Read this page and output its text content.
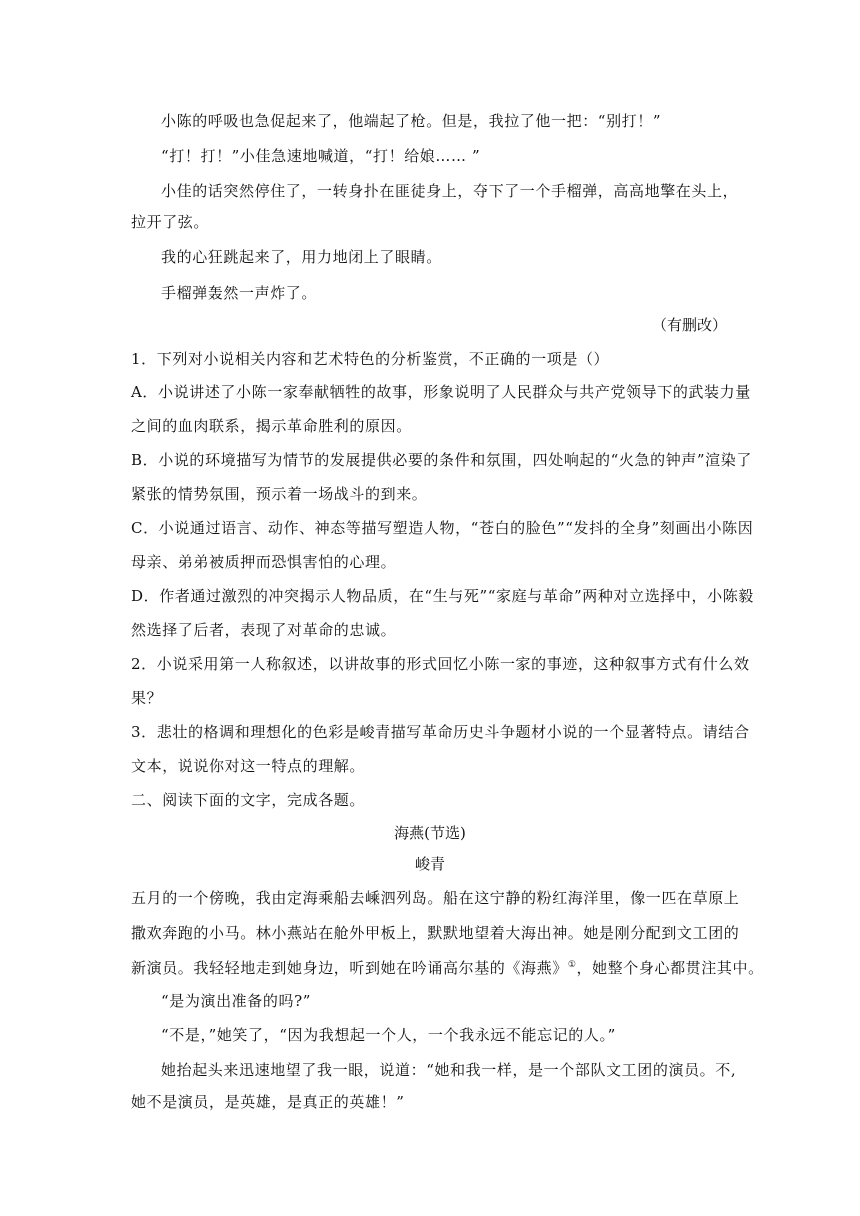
小陈的呼吸也急促起来了，他端起了枪。但是，我拉了他一把：“别打！”
“打！打！”小佳急速地喊道，“打！给娘…… ”
小佳的话突然停住了，一转身扑在匪徒身上，夺下了一个手榴弹，高高地擎在头上，
拉开了弦。
我的心狂跳起来了，用力地闭上了眼睛。
手榴弹轰然一声炸了。
（有删改）
1．下列对小说相关内容和艺术特色的分析鉴赏，不正确的一项是（）
A．小说讲述了小陈一家奉献牺牲的故事，形象说明了人民群众与共产党领导下的武装力量
之间的血肉联系，揭示革命胜利的原因。
B．小说的环境描写为情节的发展提供必要的条件和氛围，四处响起的“火急的钟声”渲染了
紧张的情势氛围，预示着一场战斗的到来。
C．小说通过语言、动作、神态等描写塑造人物，“苍白的脸色”“发抖的全身”刻画出小陈因
母亲、弟弟被质押而恐惧害怕的心理。
D．作者通过激烈的冲突揭示人物品质，在“生与死”“家庭与革命”两种对立选择中，小陈毅
然选择了后者，表现了对革命的忠诚。
2．小说采用第一人称叙述，以讲故事的形式回忆小陈一家的事迹，这种叙事方式有什么效
果？
3．悲壮的格调和理想化的色彩是峻青描写革命历史斗争题材小说的一个显著特点。请结合
文本，说说你对这一特点的理解。
二、阅读下面的文字，完成各题。
海燕(节选)
峻青
五月的一个傍晚，我由定海乘船去嵊泗列岛。船在这宁静的粉红海洋里，像一匹在草原上
撒欢奔跑的小马。林小燕站在舱外甲板上，默默地望着大海出神。她是刚分配到文工团的
新演员。我轻轻地走到她身边，听到她在吟诵高尔基的《海燕》①，她整个身心都贯注其中。
“是为演出准备的吗?”
“不是，”她笑了，“因为我想起一个人，一个我永远不能忘记的人。”
她抬起头来迅速地望了我一眼，说道：“她和我一样，是一个部队文工团的演员。不,
她不是演员，是英雄，是真正的英雄！”
